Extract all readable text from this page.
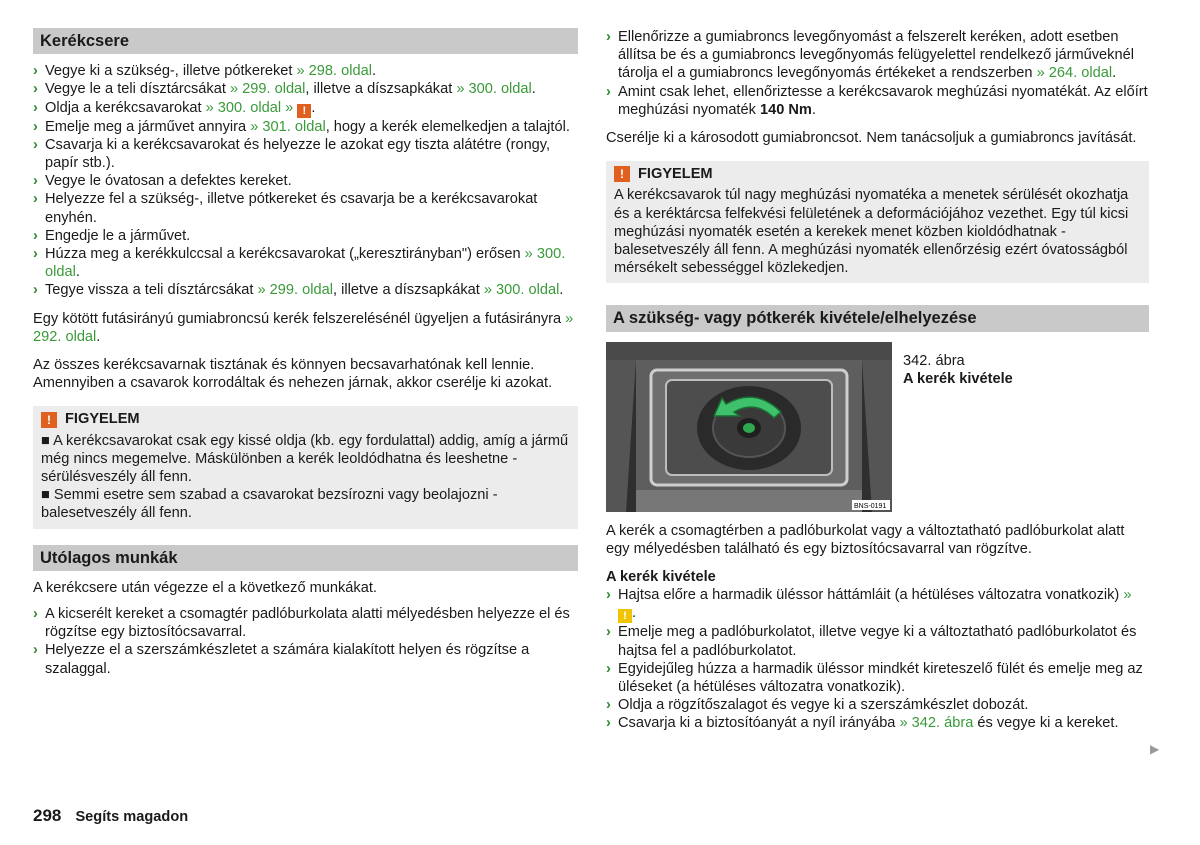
Kerékcsere
› Vegye ki a szükség-, illetve pótkereket » 298. oldal.
› Vegye le a teli dísztárcsákat » 299. oldal, illetve a díszsapkákat » 300. oldal.
› Oldja a kerékcsavarokat » 300. oldal » ! .
› Emelje meg a járművet annyira » 301. oldal, hogy a kerék elemelkedjen a talajtól.
› Csavarja ki a kerékcsavarokat és helyezze le azokat egy tiszta alátétre (rongy, papír stb.).
› Vegye le óvatosan a defektes kereket.
› Helyezze fel a szükség-, illetve pótkereket és csavarja be a kerékcsavarokat enyhén.
› Engedje le a járművet.
› Húzza meg a kerékkulccsal a kerékcsavarokat („keresztirányban") erősen » 300. oldal.
› Tegye vissza a teli dísztárcsákat » 299. oldal, illetve a díszsapkákat » 300. oldal.

Egy kötött futásirányú gumiabroncsú kerék felszerelésénél ügyeljen a futásirányra » 292. oldal.

Az összes kerékcsavarnak tisztának és könnyen becsavarhatónak kell lennie. Amennyiben a csavarok korrodáltak és nehezen járnak, akkor cserélje ki azokat.

! FIGYELEM
■ A kerékcsavarokat csak egy kissé oldja (kb. egy fordulattal) addig, amíg a jármű még nincs megemelve. Máskülönben a kerék leoldódhatna és leeshetne - sérülésveszély áll fenn.
■ Semmi esetre sem szabad a csavarokat bezsírozni vagy beolajozni - balesetveszély áll fenn.
Utólagos munkák

A kerékcsere után végezze el a következő munkákat.

› A kicserélt kereket a csomagtér padlóburkolata alatti mélyedésben helyezze el és rögzítse egy biztosítócsavarral.
› Helyezze el a szerszámkészletet a számára kialakított helyen és rögzítse a szalaggal.
› Ellenőrizze a gumiabroncs levegőnyomást a felszerelt keréken, adott esetben állítsa be és a gumiabroncs levegőnyomás felügyelettel rendelkező járműveknél tárolja el a gumiabroncs levegőnyomás értékeket a rendszerben » 264. oldal.
› Amint csak lehet, ellenőriztesse a kerékcsavarok meghúzási nyomatékát. Az előírt meghúzási nyomaték 140 Nm.

Cserélje ki a károsodott gumiabroncsot. Nem tanácsoljuk a gumiabroncs javítását.

! FIGYELEM
A kerékcsavarok túl nagy meghúzási nyomatéka a menetek sérülését okozhatja és a keréktárcsa felfekvési felületének a deformációjához vezethet. Egy túl kicsi meghúzási nyomaték esetén a kerekek menet közben kioldódhatnak - balesetveszély áll fenn. A meghúzási nyomaték ellenőrzésig ezért óvatosságból mérsékelt sebességgel közlekedjen.
A szükség- vagy pótkerék kivétele/elhelyezése
BNS-0191
342. ábra
A kerék kivétele

A kerék a csomagtérben a padlóburkolat vagy a változtatható padlóburkolat alatt egy mélyedésben található és egy biztosítócsavarral van rögzítve.

A kerék kivétele
› Hajtsa előre a harmadik üléssor háttámláit (a hétüléses változatra vonatkozik) » ! .
› Emelje meg a padlóburkolatot, illetve vegye ki a változtatható padlóburkolatot és hajtsa fel a padlóburkolatot.
› Egyidejűleg húzza a harmadik üléssor mindkét kireteszelő fülét és emelje meg az üléseket (a hétüléses változatra vonatkozik).
› Oldja a rögzítőszalagot és vegye ki a szerszámkészlet dobozát.
› Csavarja ki a biztosítóanyát a nyíl irányába » 342. ábra és vegye ki a kereket.
▶
298 Segíts magadon
